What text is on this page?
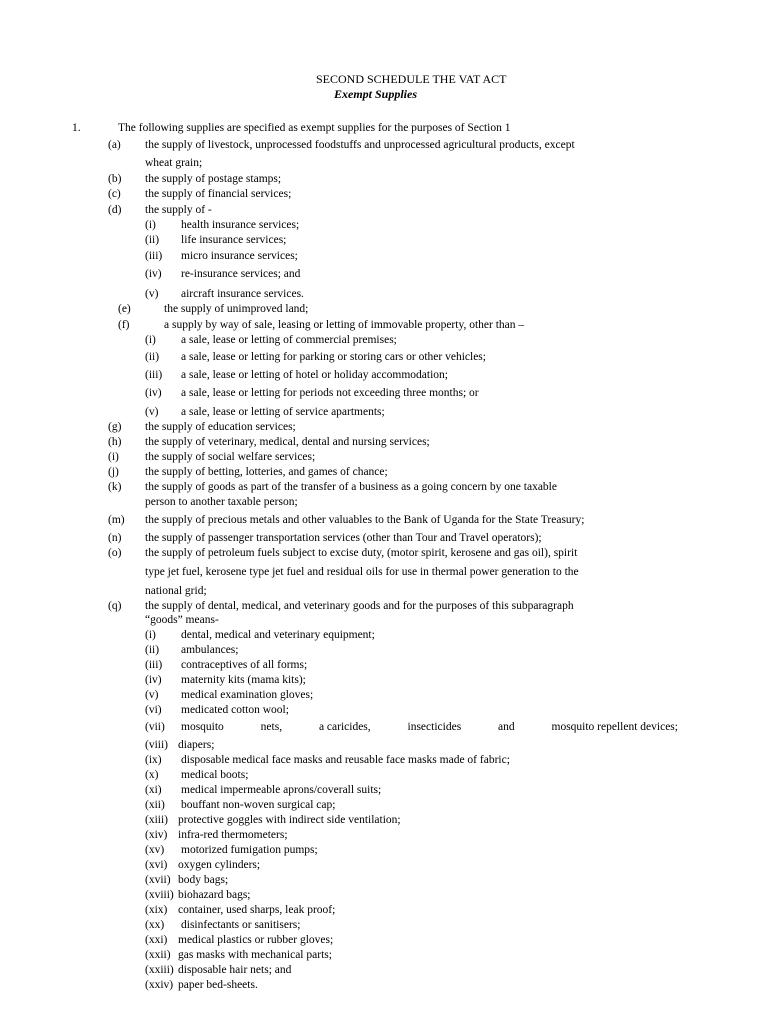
SECOND SCHEDULE THE VAT ACT
Exempt Supplies
1.	The following supplies are specified as exempt supplies for the purposes of Section 1
(a) the supply of livestock, unprocessed foodstuffs and unprocessed agricultural products, except
wheat grain;
(b) the supply of postage stamps;
(c) the supply of financial services;
(d) the supply of -
(i) health insurance services;
(ii) life insurance services;
(iii) micro insurance services;
(iv) re-insurance services; and
(v) aircraft insurance services.
(e)	the supply of unimproved land;
(f)	a supply by way of sale, leasing or letting of immovable property, other than –
(i) a sale, lease or letting of commercial premises;
(ii) a sale, lease or letting for parking or storing cars or other vehicles;
(iii) a sale, lease or letting of hotel or holiday accommodation;
(iv) a sale, lease or letting for periods not exceeding three months; or
(v) a sale, lease or letting of service apartments;
(g) the supply of education services;
(h) the supply of veterinary, medical, dental and nursing services;
(i) the supply of social welfare services;
(j) the supply of betting, lotteries, and games of chance;
(k) the supply of goods as part of the transfer of a business as a going concern by one taxable
person to another taxable person;
(m) the supply of precious metals and other valuables to the Bank of Uganda for the State Treasury;
(n) the supply of passenger transportation services (other than Tour and Travel operators);
(o) the supply of petroleum fuels subject to excise duty, (motor spirit, kerosene and gas oil), spirit
type jet fuel, kerosene type jet fuel and residual oils for use in thermal power generation to the
national grid;
(q) the supply of dental, medical, and veterinary goods and for the purposes of this subparagraph
“goods” means-
(i) dental, medical and veterinary equipment;
(ii) ambulances;
(iii) contraceptives of all forms;
(iv) maternity kits (mama kits);
(v) medical examination gloves;
(vi) medicated cotton wool;
(vii) mosquito	nets,	a caricides,	insecticides	and	mosquito repellent devices;
(viii) diapers;
(ix) disposable medical face masks and reusable face masks made of fabric;
(x) medical boots;
(xi) medical impermeable aprons/coverall suits;
(xii) bouffant non-woven surgical cap;
(xiii) protective goggles with indirect side ventilation;
(xiv) infra-red thermometers;
(xv) motorized fumigation pumps;
(xvi) oxygen cylinders;
(xvii) body bags;
(xviii) biohazard bags;
(xix) container, used sharps, leak proof;
(xx) disinfectants or sanitisers;
(xxi) medical plastics or rubber gloves;
(xxii) gas masks with mechanical parts;
(xxiii) disposable hair nets; and
(xxiv) paper bed-sheets.
